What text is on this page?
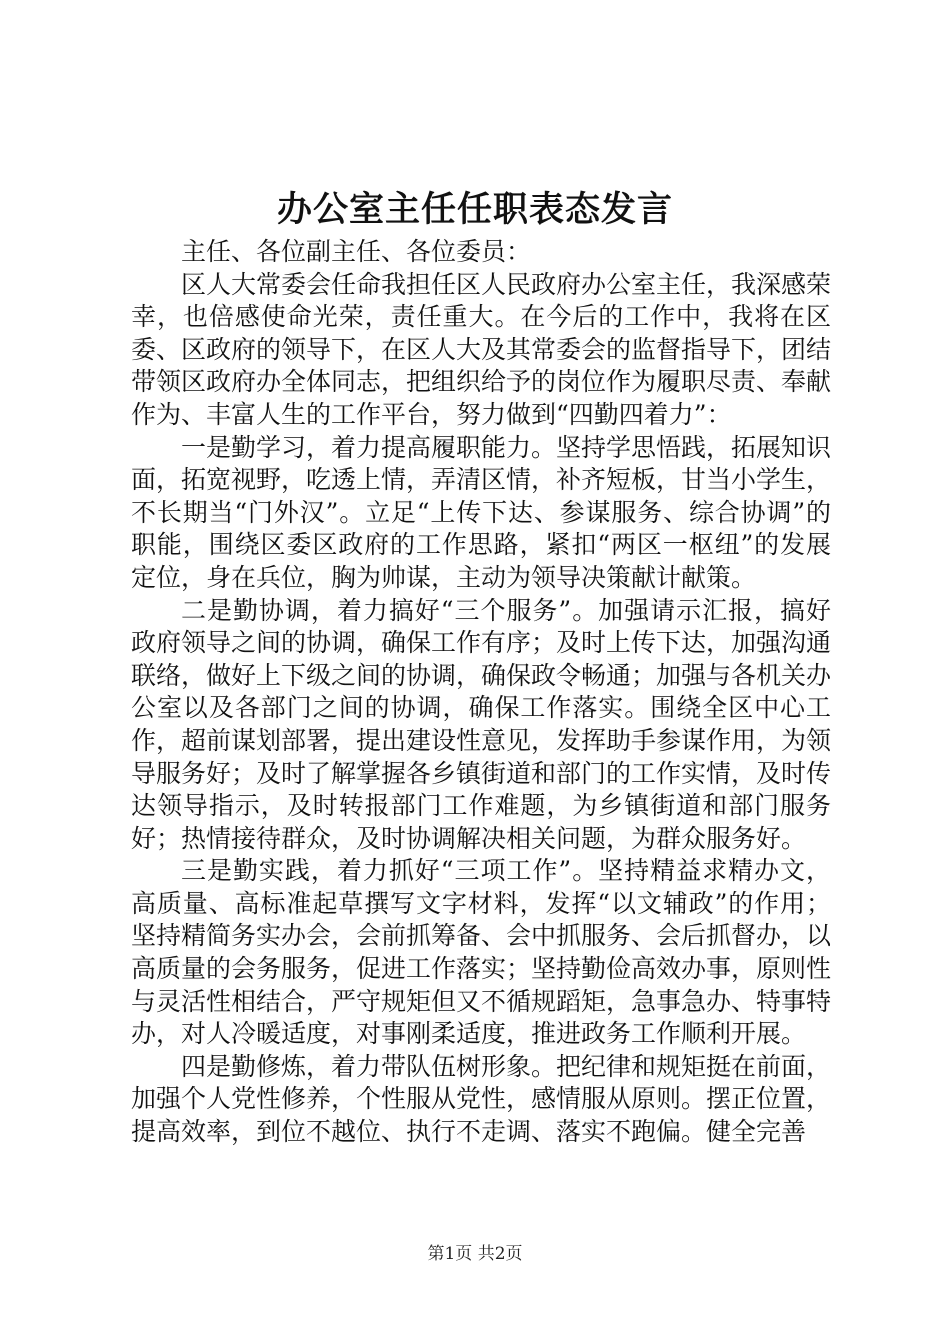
办公室主任任职表态发言

主任、各位副主任、各位委员：

区人大常委会任命我担任区人民政府办公室主任，我深感荣幸，也倍感使命光荣，责任重大。在今后的工作中，我将在区委、区政府的领导下，在区人大及其常委会的监督指导下，团结带领区政府办全体同志，把组织给予的岗位作为履职尽责、奉献作为、丰富人生的工作平台，努力做到“四勤四着力”：

一是勤学习，着力提高履职能力。坚持学思悟践，拓展知识面，拓宽视野，吃透上情，弄清区情，补齐短板，甘当小学生，不长期当“门外汉”。立足“上传下达、参谋服务、综合协调”的职能，围绕区委区政府的工作思路，紧扣“两区一枢纽”的发展定位，身在兵位，胸为帅谋，主动为领导决策献计献策。

二是勤协调，着力搞好“三个服务”。加强请示汇报，搞好政府领导之间的协调，确保工作有序；及时上传下达，加强沟通联络，做好上下级之间的协调，确保政令畅通；加强与各机关办公室以及各部门之间的协调，确保工作落实。围绕全区中心工作，超前谋划部署，提出建设性意见，发挥助手参谋作用，为领导服务好；及时了解掌握各乡镇街道和部门的工作实情，及时传达领导指示，及时转报部门工作难题，为乡镇街道和部门服务好；热情接待群众，及时协调解决相关问题，为群众服务好。

三是勤实践，着力抓好“三项工作”。坚持精益求精办文，高质量、高标准起草撰写文字材料，发挥“以文辅政”的作用；坚持精简务实办会，会前抓筹备、会中抓服务、会后抓督办，以高质量的会务服务，促进工作落实；坚持勤俭高效办事，原则性与灵活性相结合，严守规矩但又不循规蹈矩，急事急办、特事特办，对人冷暖适度，对事刚柔适度，推进政务工作顺利开展。

四是勤修炼，着力带队伍树形象。把纪律和规矩挺在前面，加强个人党性修养，个性服从党性，感情服从原则。摆正位置，提高效率，到位不越位、执行不走调、落实不跑偏。健全完善

第1页 共2页
